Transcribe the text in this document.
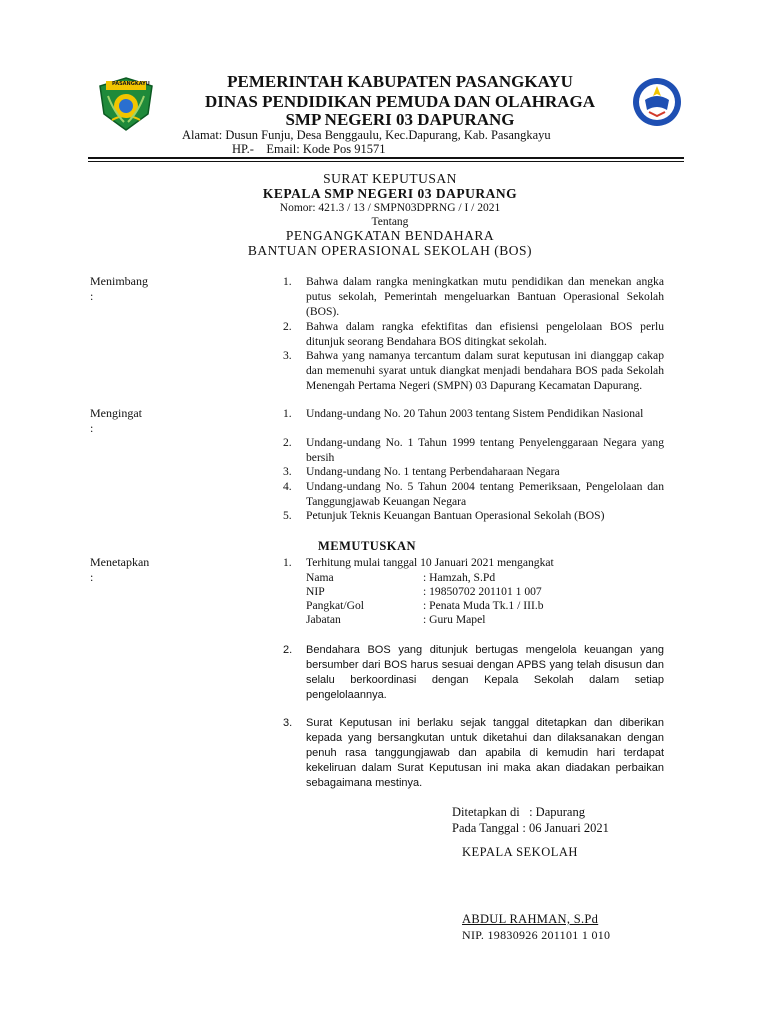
PASANGKAYU	PEMERINTAH KABUPATEN PASANGKAYU
DINAS PENDIDIKAN PEMUDA DAN OLAHRAGA
SMP NEGERI 03 DAPURANG
Alamat: Dusun Funju, Desa Benggaulu, Kec.Dapurang, Kab. Pasangkayu
HP.-    Email: Kode Pos 91571
SURAT KEPUTUSAN
KEPALA SMP NEGERI 03 DAPURANG
Nomor: 421.3 / 13 / SMPN03DPRNG / I / 2021
Tentang
PENGANGKATAN BENDAHARA
BANTUAN OPERASIONAL SEKOLAH (BOS)
Menimbang
:
1.	Bahwa dalam rangka meningkatkan mutu pendidikan dan menekan angka putus sekolah, Pemerintah mengeluarkan Bantuan Operasional Sekolah (BOS).
2.	Bahwa dalam rangka efektifitas dan efisiensi pengelolaan BOS perlu ditunjuk seorang Bendahara BOS ditingkat sekolah.
3.	Bahwa yang namanya tercantum dalam surat keputusan ini dianggap cakap dan memenuhi syarat untuk diangkat menjadi bendahara BOS pada Sekolah Menengah Pertama Negeri (SMPN) 03 Dapurang Kecamatan Dapurang.
Mengingat
:
1.	Undang-undang No. 20 Tahun 2003 tentang Sistem Pendidikan Nasional
2.	Undang-undang No. 1 Tahun 1999 tentang Penyelenggaraan Negara yang bersih
3.	Undang-undang No. 1 tentang Perbendaharaan Negara
4.	Undang-undang No. 5 Tahun 2004 tentang Pemeriksaan, Pengelolaan dan Tanggungjawab Keuangan Negara
5.	Petunjuk Teknis Keuangan Bantuan Operasional Sekolah (BOS)
MEMUTUSKAN
Menetapkan
:
1.	Terhitung mulai tanggal 10 Januari 2021 mengangkat
Nama	: Hamzah, S.Pd
NIP	: 19850702 201101 1 007
Pangkat/Gol	: Penata Muda Tk.1 / III.b
Jabatan	: Guru Mapel
2.	Bendahara BOS yang ditunjuk bertugas mengelola keuangan yang bersumber dari BOS harus sesuai dengan APBS yang telah disusun dan selalu berkoordinasi dengan Kepala Sekolah dalam setiap pengelolaannya.
3.	Surat Keputusan ini berlaku sejak tanggal ditetapkan dan diberikan kepada yang bersangkutan untuk diketahui dan dilaksanakan dengan penuh rasa tanggungjawab dan apabila di kemudin hari terdapat kekeliruan dalam Surat Keputusan ini maka akan diadakan perbaikan sebagaimana mestinya.
Ditetapkan di   : Dapurang
Pada Tanggal : 06 Januari 2021
KEPALA SEKOLAH
ABDUL RAHMAN, S.Pd
NIP. 19830926 201101 1 010
